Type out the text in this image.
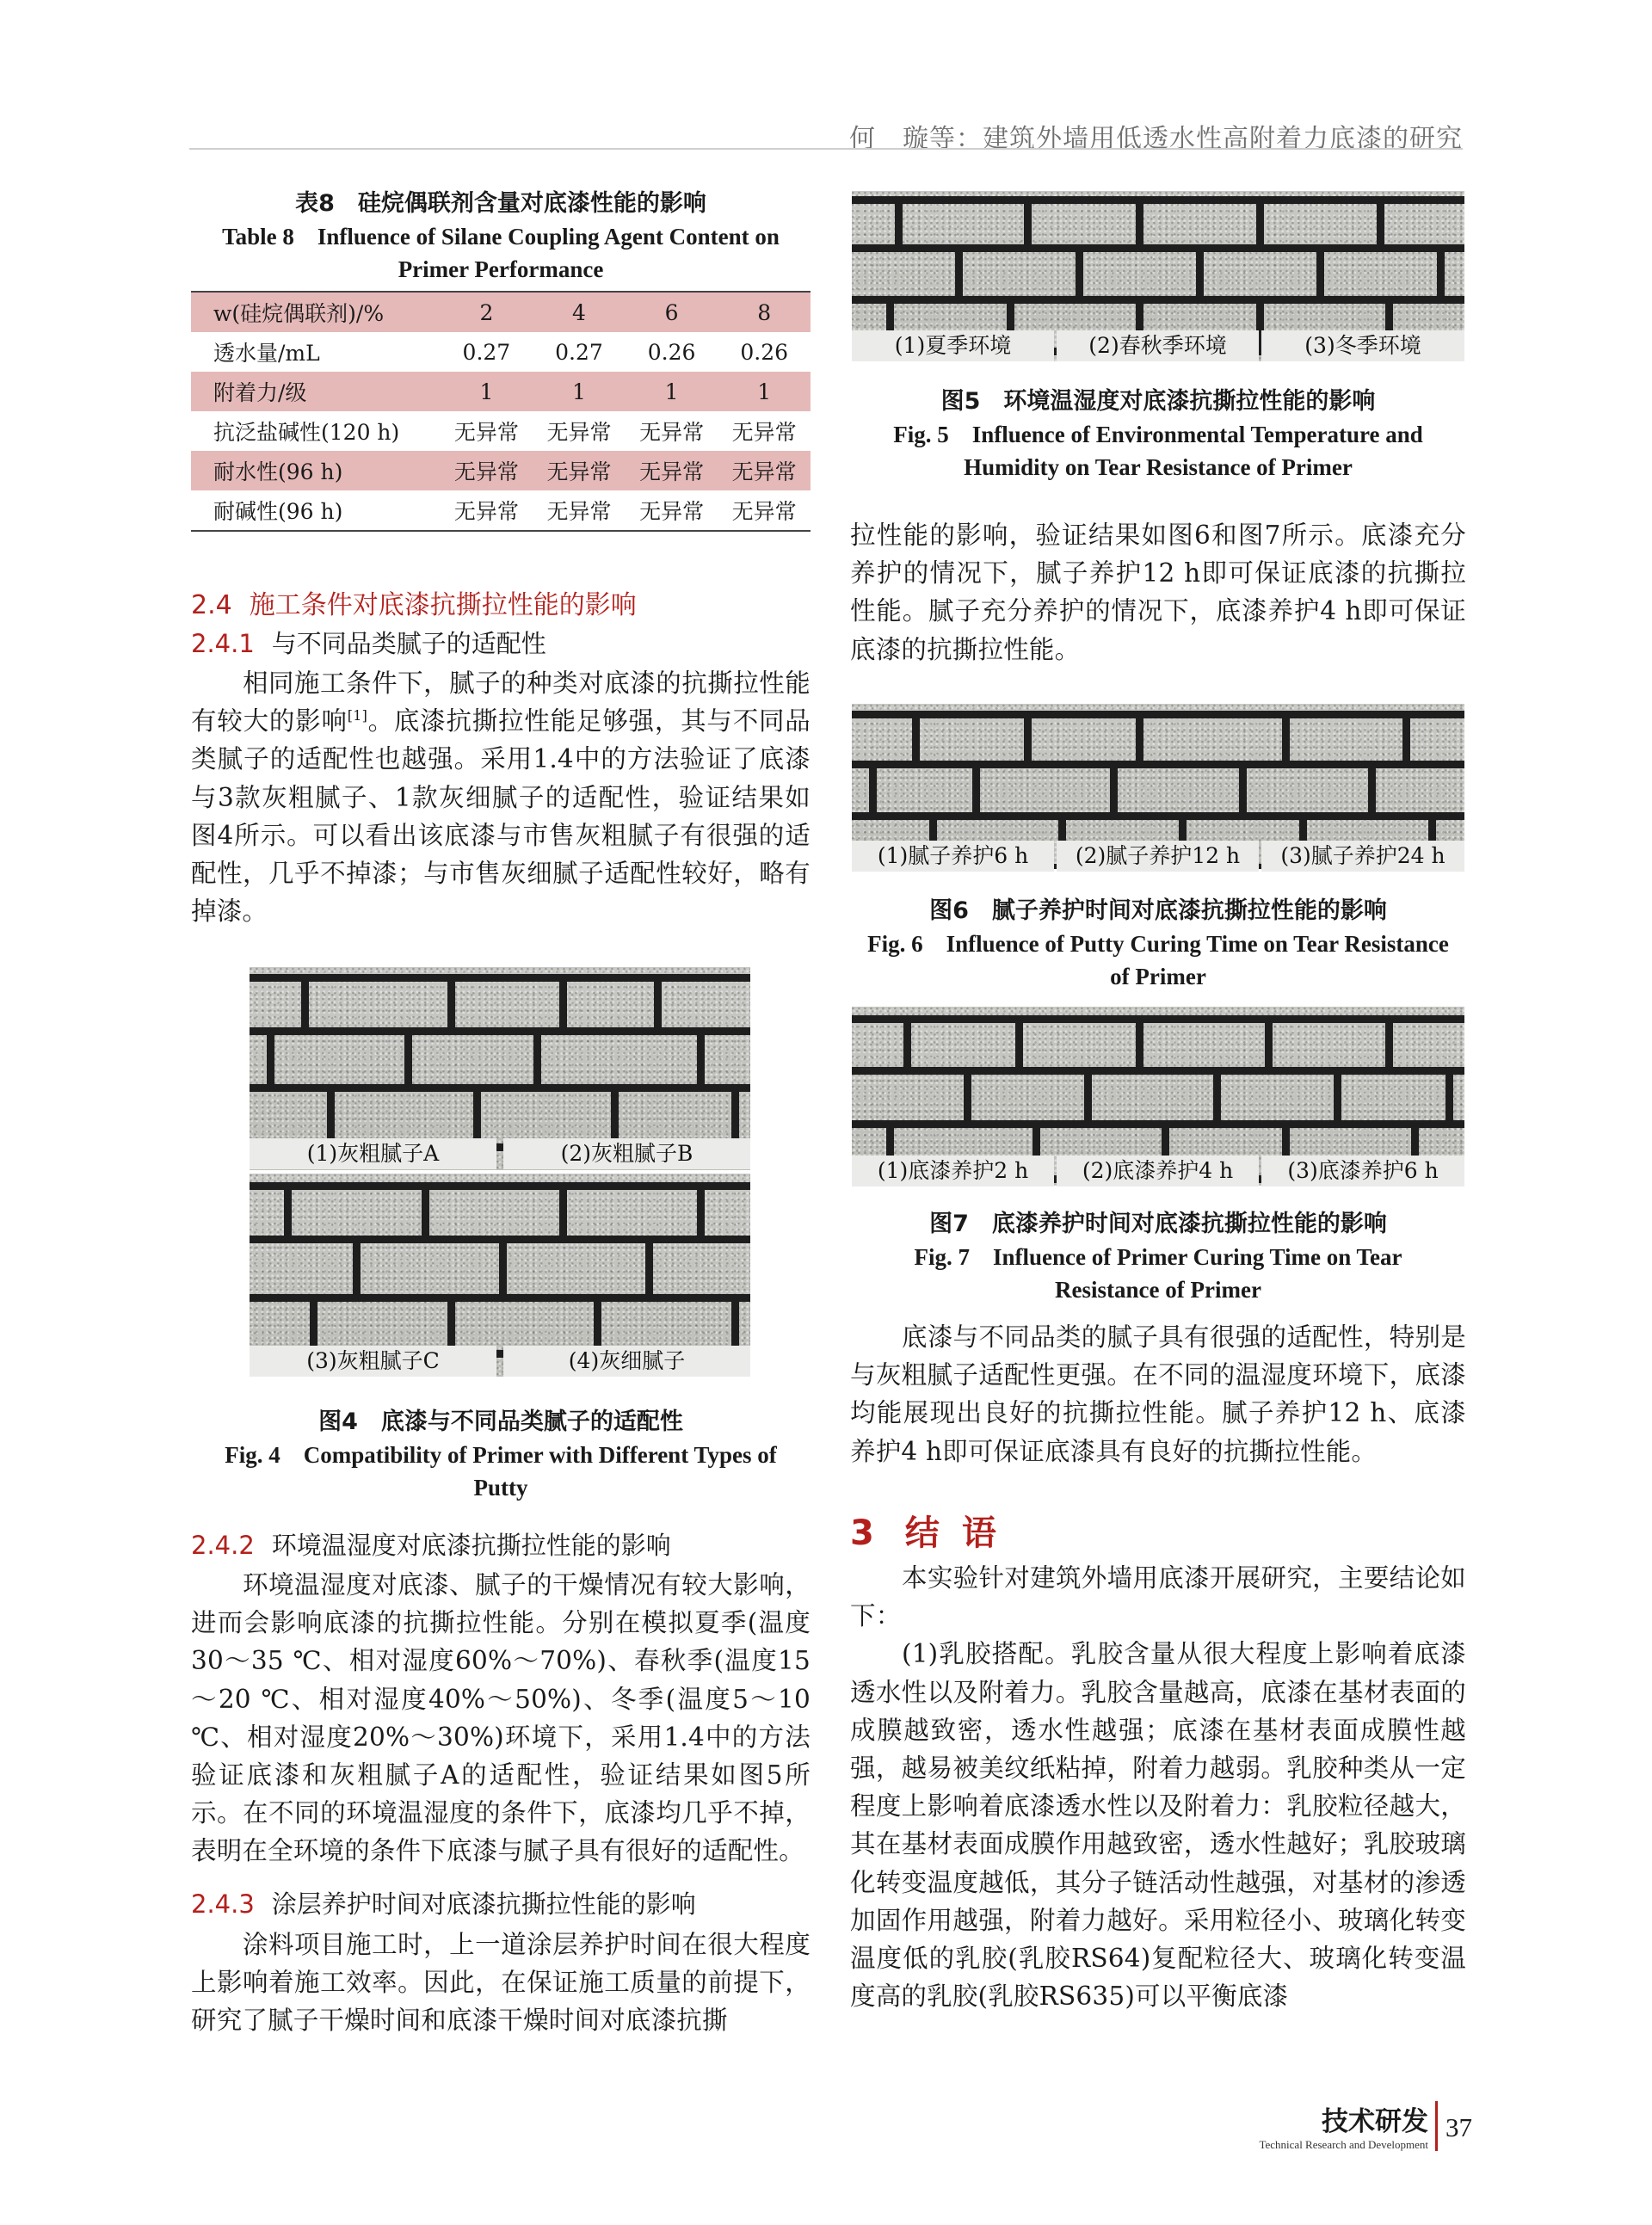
何　璇等：建筑外墙用低透水性高附着力底漆的研究
表8　硅烷偶联剂含量对底漆性能的影响
Table 8　Influence of Silane Coupling Agent Content on
Primer Performance
w(硅烷偶联剂)/%	2	4	6	8
透水量/mL	0.27	0.27	0.26	0.26
附着力/级	1	1	1	1
抗泛盐碱性(120 h)	无异常	无异常	无异常	无异常
耐水性(96 h)	无异常	无异常	无异常	无异常
耐碱性(96 h)	无异常	无异常	无异常	无异常
2.4 施工条件对底漆抗撕拉性能的影响
2.4.1 与不同品类腻子的适配性

相同施工条件下，腻子的种类对底漆的抗撕拉性能有较大的影响[1]。底漆抗撕拉性能足够强，其与不同品类腻子的适配性也越强。采用1.4中的方法验证了底漆与3款灰粗腻子、1款灰细腻子的适配性，验证结果如图4所示。可以看出该底漆与市售灰粗腻子有很强的适配性，几乎不掉漆；与市售灰细腻子适配性较好，略有掉漆。

(1)灰粗腻子A	(2)灰粗腻子B
(3)灰粗腻子C	(4)灰细腻子
图4　底漆与不同品类腻子的适配性
Fig. 4　Compatibility of Primer with Different Types of
Putty
2.4.2 环境温湿度对底漆抗撕拉性能的影响

环境温湿度对底漆、腻子的干燥情况有较大影响，进而会影响底漆的抗撕拉性能。分别在模拟夏季(温度30～35 ℃、相对湿度60%～70%)、春秋季(温度15～20 ℃、相对湿度40%～50%)、冬季(温度5～10 ℃、相对湿度20%～30%)环境下，采用1.4中的方法验证底漆和灰粗腻子A的适配性，验证结果如图5所示。在不同的环境温湿度的条件下，底漆均几乎不掉，表明在全环境的条件下底漆与腻子具有很好的适配性。

2.4.3 涂层养护时间对底漆抗撕拉性能的影响

涂料项目施工时，上一道涂层养护时间在很大程度上影响着施工效率。因此，在保证施工质量的前提下，研究了腻子干燥时间和底漆干燥时间对底漆抗撕

(1)夏季环境	(2)春秋季环境	(3)冬季环境
图5　环境温湿度对底漆抗撕拉性能的影响
Fig. 5　Influence of Environmental Temperature and
Humidity on Tear Resistance of Primer

拉性能的影响，验证结果如图6和图7所示。底漆充分养护的情况下，腻子养护12 h即可保证底漆的抗撕拉性能。腻子充分养护的情况下，底漆养护4 h即可保证底漆的抗撕拉性能。

(1)腻子养护6 h	(2)腻子养护12 h	(3)腻子养护24 h
图6　腻子养护时间对底漆抗撕拉性能的影响
Fig. 6　Influence of Putty Curing Time on Tear Resistance
of Primer
(1)底漆养护2 h	(2)底漆养护4 h	(3)底漆养护6 h
图7　底漆养护时间对底漆抗撕拉性能的影响
Fig. 7　Influence of Primer Curing Time on Tear
Resistance of Primer

底漆与不同品类的腻子具有很强的适配性，特别是与灰粗腻子适配性更强。在不同的温湿度环境下，底漆均能展现出良好的抗撕拉性能。腻子养护12 h、底漆养护4 h即可保证底漆具有良好的抗撕拉性能。

3 结语

本实验针对建筑外墙用底漆开展研究，主要结论如下：

(1)乳胶搭配。乳胶含量从很大程度上影响着底漆透水性以及附着力。乳胶含量越高，底漆在基材表面的成膜越致密，透水性越强；底漆在基材表面成膜性越强，越易被美纹纸粘掉，附着力越弱。乳胶种类从一定程度上影响着底漆透水性以及附着力：乳胶粒径越大，其在基材表面成膜作用越致密，透水性越好；乳胶玻璃化转变温度越低，其分子链活动性越强，对基材的渗透加固作用越强，附着力越好。采用粒径小、玻璃化转变温度低的乳胶(乳胶RS64)复配粒径大、玻璃化转变温度高的乳胶(乳胶RS635)可以平衡底漆

技术研发
Technical Research and Development
37
